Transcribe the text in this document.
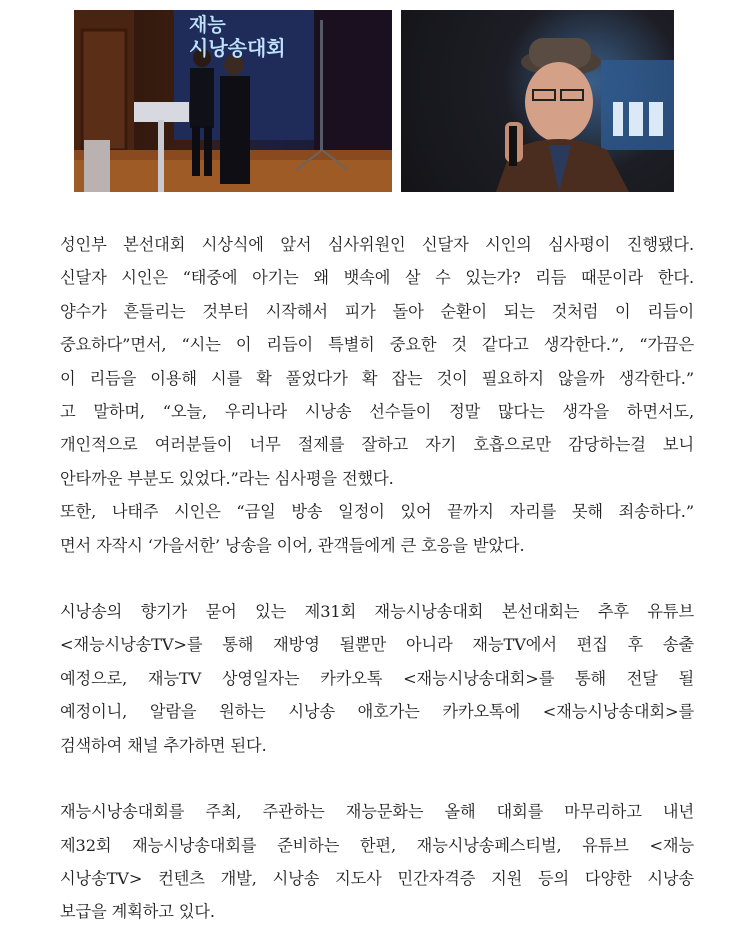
재능
시낭송대회

성인부 본선대회 시상식에 앞서 심사위원인 신달자 시인의 심사평이 진행됐다.

신달자 시인은 “태중에 아기는 왜 뱃속에 살 수 있는가? 리듬 때문이라 한다.

양수가 흔들리는 것부터 시작해서 피가 돌아 순환이 되는 것처럼 이 리듬이

중요하다”면서, “시는 이 리듬이 특별히 중요한 것 같다고 생각한다.”, “가끔은

이 리듬을 이용해 시를 확 풀었다가 확 잡는 것이 필요하지 않을까 생각한다.”

고 말하며, “오늘, 우리나라 시낭송 선수들이 정말 많다는 생각을 하면서도,

개인적으로 여러분들이 너무 절제를 잘하고 자기 호흡으로만 감당하는걸 보니

안타까운 부분도 있었다.”라는 심사평을 전했다.

또한, 나태주 시인은 “금일 방송 일정이 있어 끝까지 자리를 못해 죄송하다.”

면서 자작시 ‘가을서한’ 낭송을 이어, 관객들에게 큰 호응을 받았다.

시낭송의 향기가 묻어 있는 제31회 재능시낭송대회 본선대회는 추후 유튜브

<재능시낭송TV>를 통해 재방영 될뿐만 아니라 재능TV에서 편집 후 송출

예정으로, 재능TV 상영일자는 카카오톡 <재능시낭송대회>를 통해 전달 될

예정이니, 알람을 원하는 시낭송 애호가는 카카오톡에 <재능시낭송대회>를

검색하여 채널 추가하면 된다.

재능시낭송대회를 주최, 주관하는 재능문화는 올해 대회를 마무리하고 내년

제32회 재능시낭송대회를 준비하는 한편, 재능시낭송페스티벌, 유튜브 <재능

시낭송TV> 컨텐츠 개발, 시낭송 지도사 민간자격증 지원 등의 다양한 시낭송

보급을 계획하고 있다.
